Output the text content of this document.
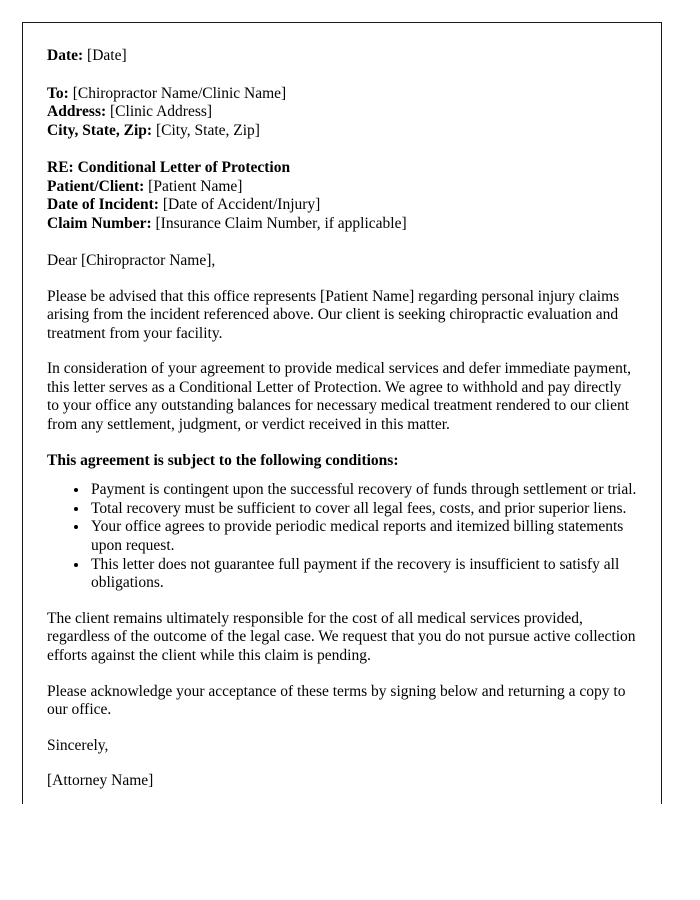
Date: [Date]
To: [Chiropractor Name/Clinic Name]
Address: [Clinic Address]
City, State, Zip: [City, State, Zip]
RE: Conditional Letter of Protection
Patient/Client: [Patient Name]
Date of Incident: [Date of Accident/Injury]
Claim Number: [Insurance Claim Number, if applicable]
Dear [Chiropractor Name],

Please be advised that this office represents [Patient Name] regarding personal injury claims arising from the incident referenced above. Our client is seeking chiropractic evaluation and treatment from your facility.

In consideration of your agreement to provide medical services and defer immediate payment, this letter serves as a Conditional Letter of Protection. We agree to withhold and pay directly to your office any outstanding balances for necessary medical treatment rendered to our client from any settlement, judgment, or verdict received in this matter.

This agreement is subject to the following conditions:

• Payment is contingent upon the successful recovery of funds through settlement or trial.
• Total recovery must be sufficient to cover all legal fees, costs, and prior superior liens.
• Your office agrees to provide periodic medical reports and itemized billing statements upon request.
• This letter does not guarantee full payment if the recovery is insufficient to satisfy all obligations.

The client remains ultimately responsible for the cost of all medical services provided, regardless of the outcome of the legal case. We request that you do not pursue active collection efforts against the client while this claim is pending.

Please acknowledge your acceptance of these terms by signing below and returning a copy to our office.

Sincerely,
[Attorney Name]
